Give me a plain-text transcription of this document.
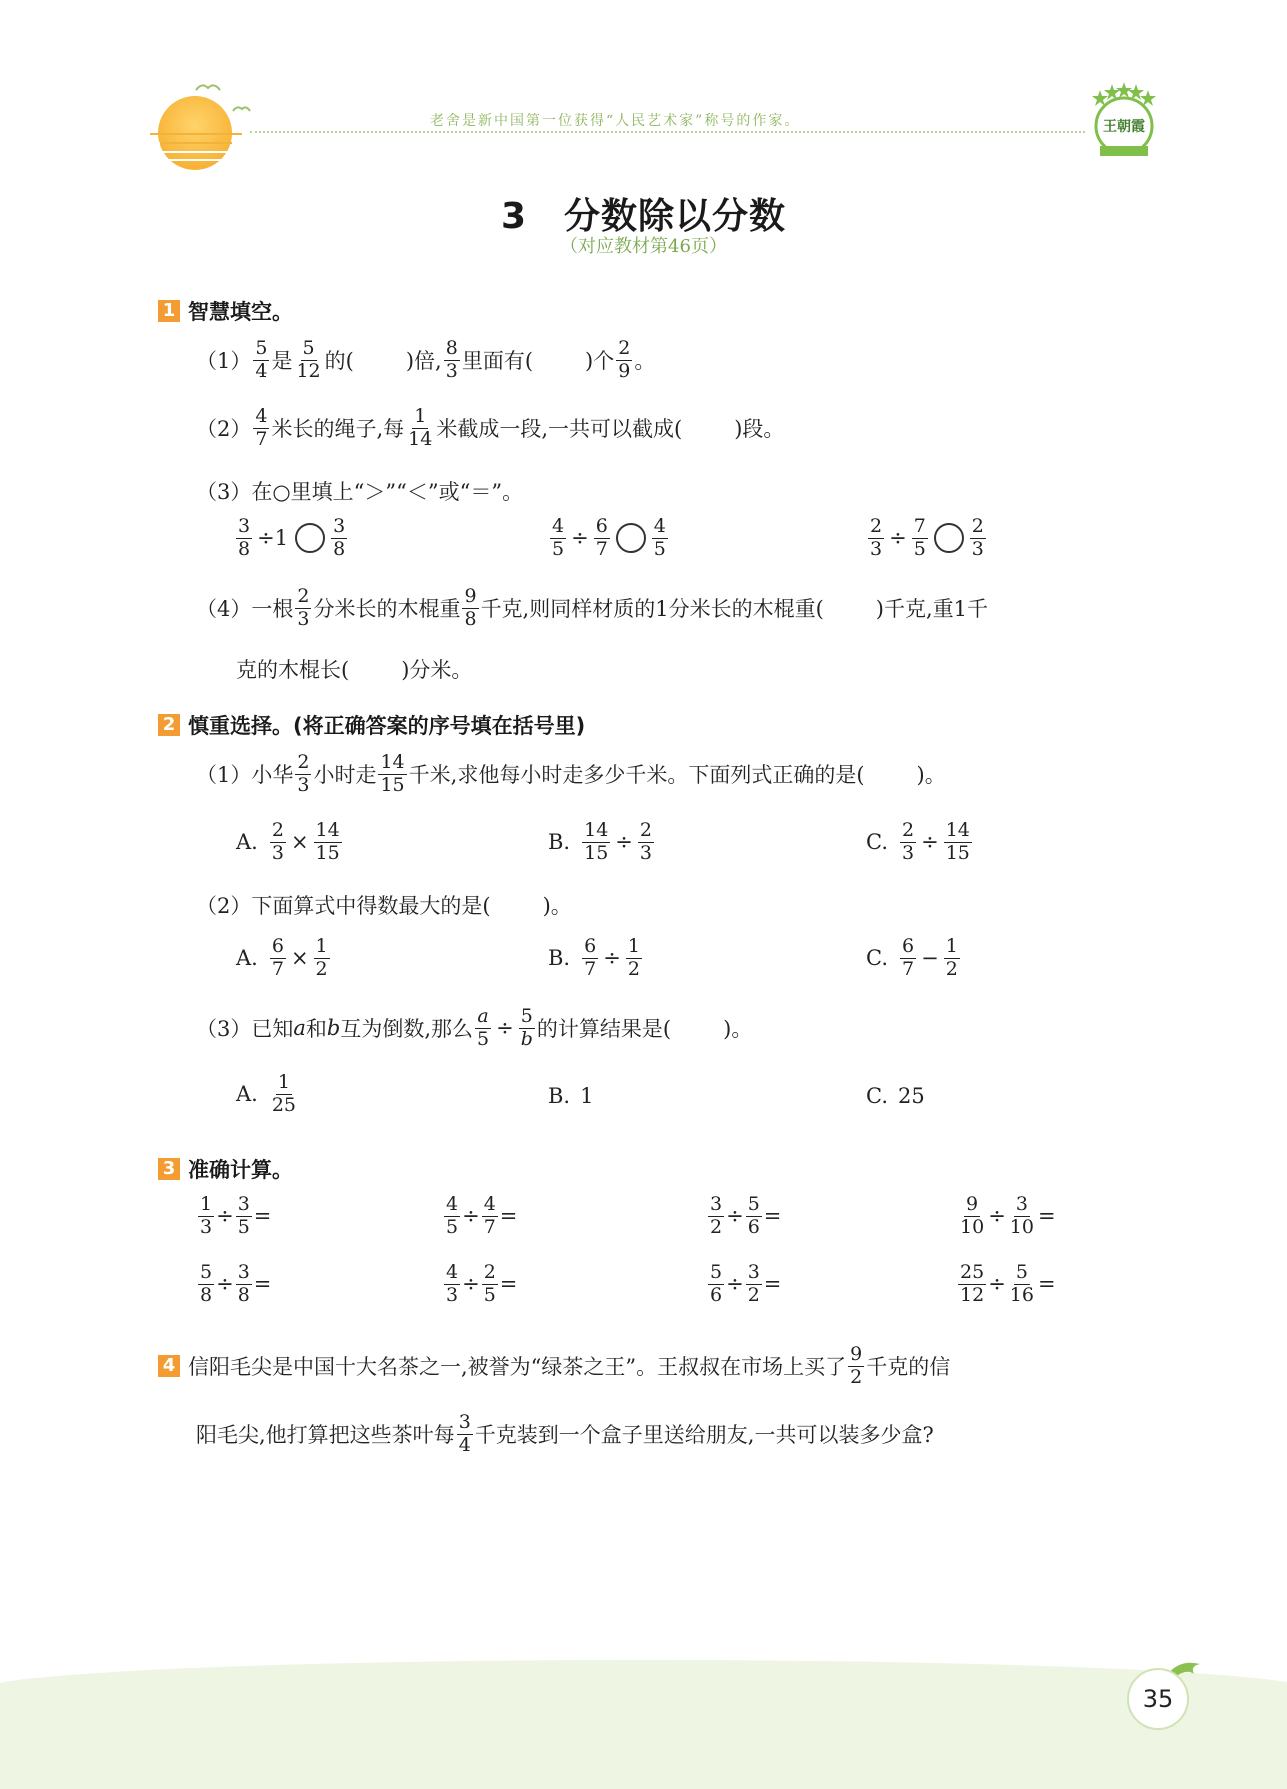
老舍是新中国第一位获得“人民艺术家”称号的作家。	王朝霞
3　分数除以分数
（对应教材第46页）
1 智慧填空。
$(1) \frac{5}{4}$ 是 $\frac{5}{12}$ 的( )倍, $\frac{8}{3}$ 里面有( )个 $\frac{2}{9}$ 。
$(2) \frac{4}{7}$ 米长的绳子,每 $\frac{1}{14}$ 米截成一段,一共可以截成( )段。
（3）在○里填上“＞”“＜”或“＝”。
$\frac{3}{8} \div 1 \frac{3}{8}$	$\frac{4}{5} \div \frac{6}{7} \frac{4}{5}$	$\frac{2}{3} \div \frac{7}{5} \frac{2}{3}$
（4）一根 $\frac{2}{3}$ 分米长的木棍重 $\frac{9}{8}$ 千克,则同样材质的1分米长的木棍重( )千克,重1千
克的木棍长( )分米。
2 慎重选择。(将正确答案的序号填在括号里)
（1）小华 $\frac{2}{3}$ 小时走 $\frac{14}{15}$ 千米,求他每小时走多少千米。下面列式正确的是( )。
A. $\frac{2}{3} \times \frac{14}{15}$	B. $\frac{14}{15} \div \frac{2}{3}$	C. $\frac{2}{3} \div \frac{14}{15}$
（2）下面算式中得数最大的是( )。
A. $\frac{6}{7} \times \frac{1}{2}$	B. $\frac{6}{7} \div \frac{1}{2}$	C. $\frac{6}{7} - \frac{1}{2}$
（3）已知 a 和 b 互为倒数,那么 $\frac{a}{5} \div \frac{5}{b}$ 的计算结果是( )。
A. $\frac{1}{25}$	B. 1	C. 25
3 准确计算。
$\frac{1}{3} \div \frac{3}{5}$ =	$\frac{4}{5} \div \frac{4}{7}$ =	$\frac{3}{2} \div \frac{5}{6}$ =	$\frac{9}{10} \div \frac{3}{10}$ =
$\frac{5}{8} \div \frac{3}{8}$ =	$\frac{4}{3} \div \frac{2}{5}$ =	$\frac{5}{6} \div \frac{3}{2}$ =	$\frac{25}{12} \div \frac{5}{16}$ =
4 信阳毛尖是中国十大名茶之一,被誉为“绿茶之王”。王叔叔在市场上买了 $\frac{9}{2}$ 千克的信
阳毛尖,他打算把这些茶叶每 $\frac{3}{4}$ 千克装到一个盒子里送给朋友,一共可以装多少盒?
35
